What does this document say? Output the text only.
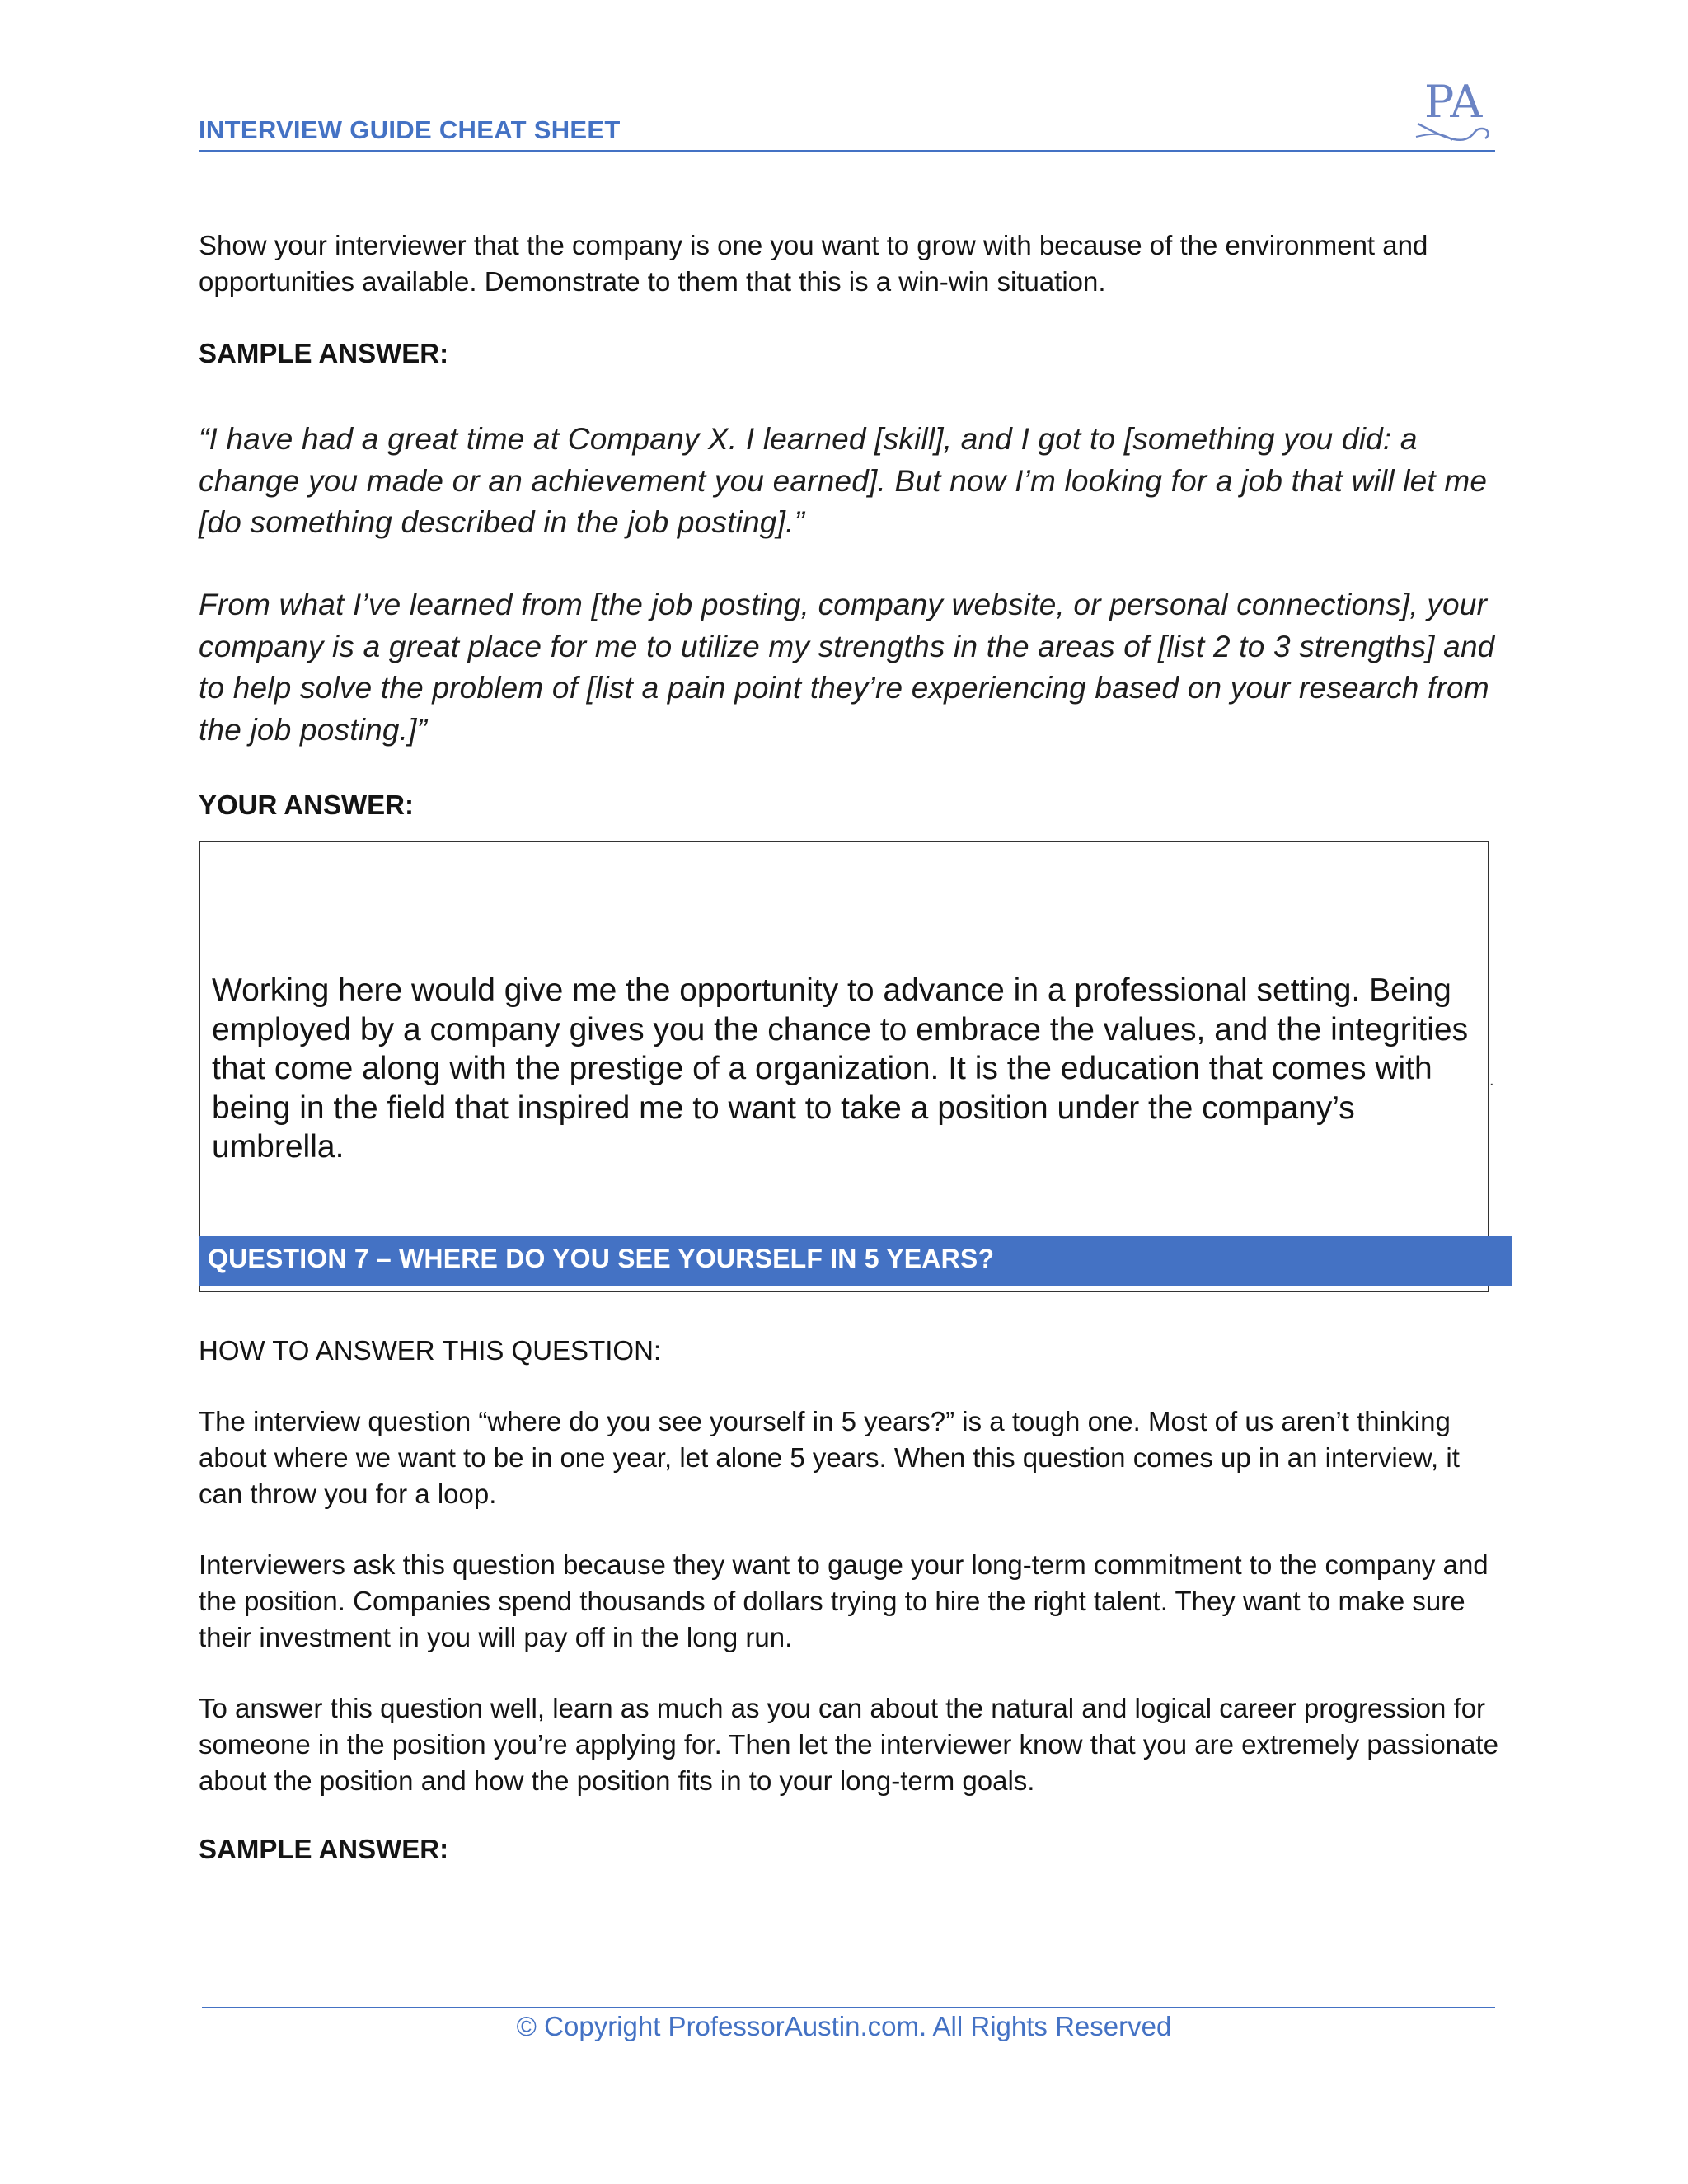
INTERVIEW GUIDE CHEAT SHEET
PA
Show your interviewer that the company is one you want to grow with because of the environment and opportunities available. Demonstrate to them that this is a win-win situation.
SAMPLE ANSWER:
“I have had a great time at Company X. I learned [skill], and I got to [something you did: a change you made or an achievement you earned]. But now I’m looking for a job that will let me [do something described in the job posting].”
From what I’ve learned from [the job posting, company website, or personal connections], your company is a great place for me to utilize my strengths in the areas of [list 2 to 3 strengths] and to help solve the problem of [list a pain point they’re experiencing based on your research from the job posting.]”
YOUR ANSWER:
Working here would give me the opportunity to advance in a professional setting. Being employed by a company gives you the chance to embrace the values, and the integrities that come along with the prestige of a organization. It is the education that comes with being in the field that inspired me to want to take a position under the company’s umbrella.
.
QUESTION 7 – WHERE DO YOU SEE YOURSELF IN 5 YEARS?
HOW TO ANSWER THIS QUESTION:
The interview question “where do you see yourself in 5 years?” is a tough one. Most of us aren’t thinking about where we want to be in one year, let alone 5 years. When this question comes up in an interview, it can throw you for a loop.
Interviewers ask this question because they want to gauge your long-term commitment to the company and the position. Companies spend thousands of dollars trying to hire the right talent. They want to make sure their investment in you will pay off in the long run.
To answer this question well, learn as much as you can about the natural and logical career progression for someone in the position you’re applying for. Then let the interviewer know that you are extremely passionate about the position and how the position fits in to your long-term goals.
SAMPLE ANSWER:
© Copyright ProfessorAustin.com. All Rights Reserved
